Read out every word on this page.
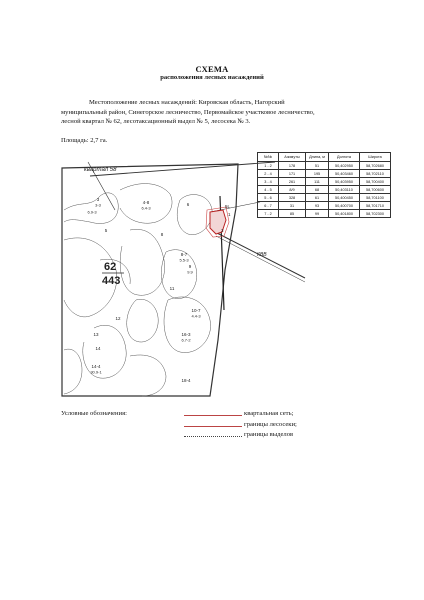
СХЕМА
расположения лесных насаждений
Местоположение лесных насаждений: Кировская область, Нагорский
муниципальный район, Синегорское лесничество, Первомайское участковое лесничество,
лесной квартал № 62, лесотаксационный выдел № 5, лесосека № 3.
Площадь: 2,7 га.
№№	Азимуты	Длина, м	Долгота	Широта
1 - 2	178	51	50,402950	58,702680
2 - 4	171	195	50,403460	58,702110
3 - 4	261	111	50,403950	58,700400
4 - 5	8/9	68	50,403110	58,700600
5 - 6	328	61	50,400450	58,701100
6 - 7	31	93	50,400700	58,701710
7 - 2	85	99	50,401800	58,702300
квартал 58
62
443
КВВ
5L
1
3
3
3-3
6.9-3
4-8
6.4-3
6
5
8
8-7
5.5-3
9
9.9
11
12
13
10-7
4.4-3
14
16-3
6.7-2
14-4
30.9-1
18-4
Условные обозначения:	квартальная сеть;
границы лесосеки;
границы выделов
